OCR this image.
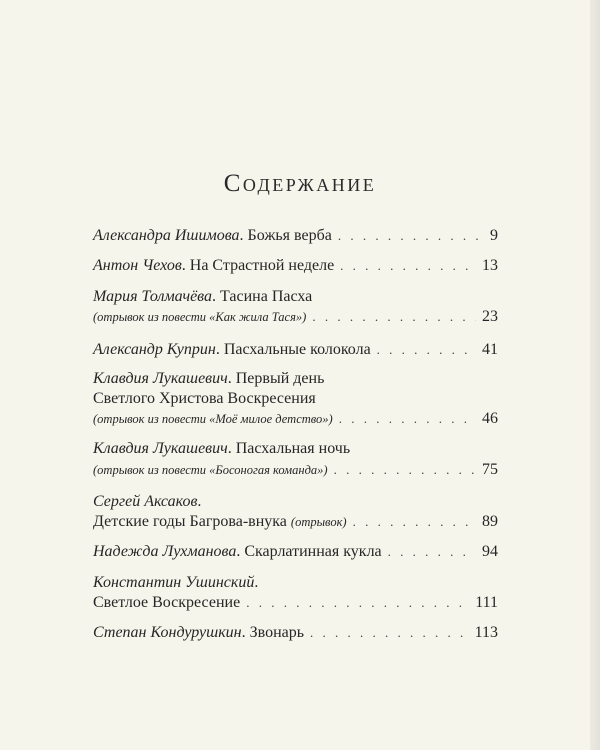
Содержание
Александра Ишимова . Божья верба . . .	9
Антон Чехов . На Страстной неделе . . .	13
Мария Толмачёва . Тасина Пасха
(отрывок из повести «Как жила Тася») . . .	23
Александр Куприн . Пасхальные колокола . . .	41
Клавдия Лукашевич . Первый день
Светлого Христова Воскресения
(отрывок из повести «Моё милое детство») . . .	46
Клавдия Лукашевич . Пасхальная ночь
(отрывок из повести «Босоногая команда») . . .	75
Сергей Аксаков .
Детские годы Багрова-внука
(отрывок) . . .	89
Надежда Лухманова . Скарлатинная кукла . . .	94
Константин Ушинский .
Светлое Воскресение . . .	111
Степан Кондурушкин . Звонарь . . .	113
